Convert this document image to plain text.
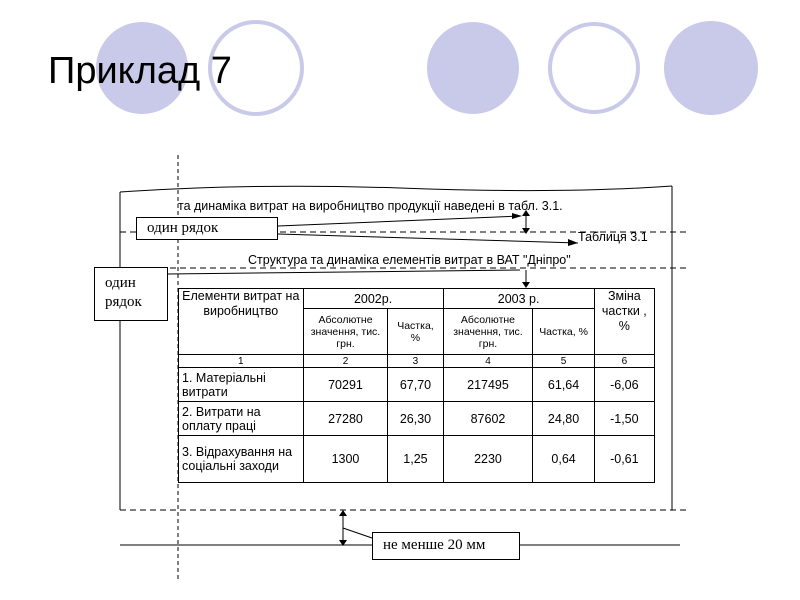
Приклад 7
та динаміка витрат на виробництво продукції наведені в табл. 3.1.
Таблиця 3.1
Структура та динаміка елементів витрат в ВАТ "Дніпро"
один рядок
один рядок
не менше 20 мм
Елементи витрат на виробництво	2002р.		2003 р.		Зміна частки , %
	Абсолютне значення, тис. грн.	Частка, %	Абсолютне значення, тис. грн.	Частка, %	
1	2	3	4	5	6
1. Матеріальні витрати	70291	67,70	217495	61,64	-6,06
2. Витрати на оплату праці	27280	26,30	87602	24,80	-1,50
3. Відрахування на соціальні заходи	1300	1,25	2230	0,64	-0,61
